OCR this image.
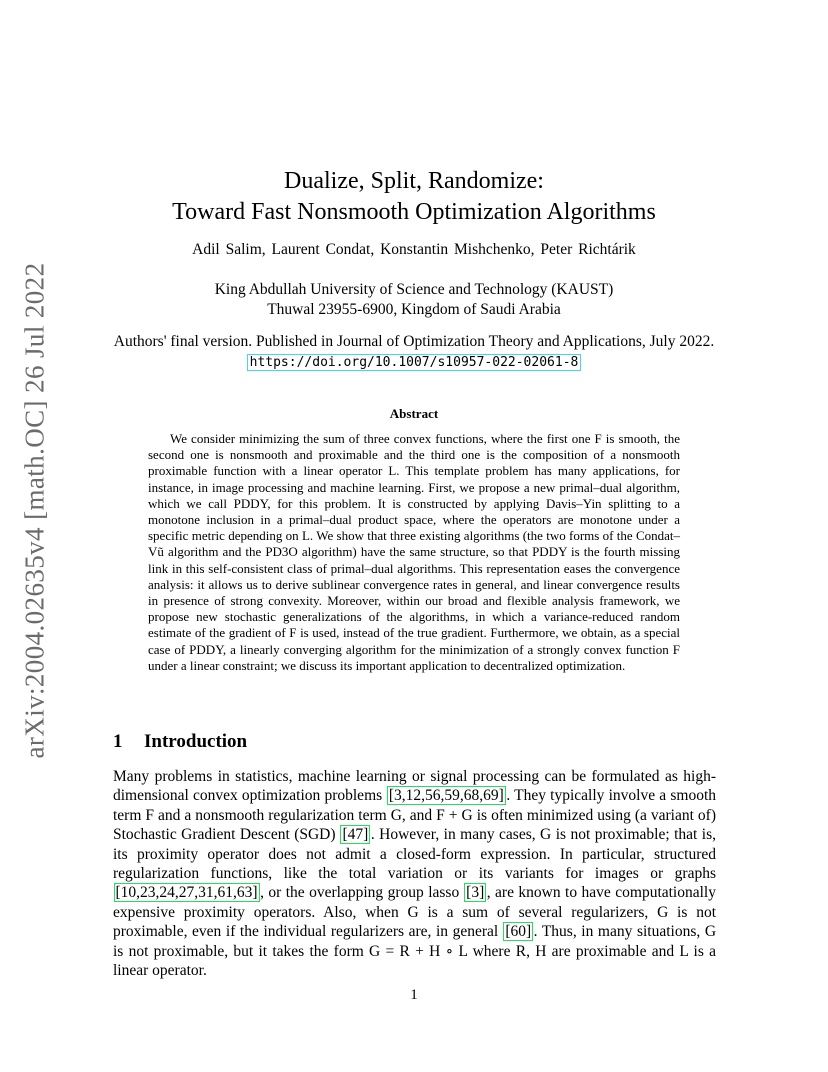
arXiv:2004.02635v4 [math.OC] 26 Jul 2022
Dualize, Split, Randomize:
Toward Fast Nonsmooth Optimization Algorithms
Adil Salim, Laurent Condat, Konstantin Mishchenko, Peter Richtárik
King Abdullah University of Science and Technology (KAUST)
Thuwal 23955-6900, Kingdom of Saudi Arabia
Authors' final version. Published in Journal of Optimization Theory and Applications, July 2022. https://doi.org/10.1007/s10957-022-02061-8
Abstract

We consider minimizing the sum of three convex functions, where the first one F is smooth, the second one is nonsmooth and proximable and the third one is the composition of a nonsmooth proximable function with a linear operator L. This template problem has many applications, for instance, in image processing and machine learning. First, we propose a new primal–dual algorithm, which we call PDDY, for this problem. It is constructed by applying Davis–Yin splitting to a monotone inclusion in a primal–dual product space, where the operators are monotone under a specific metric depending on L. We show that three existing algorithms (the two forms of the Condat–Vũ algorithm and the PD3O algorithm) have the same structure, so that PDDY is the fourth missing link in this self-consistent class of primal–dual algorithms. This representation eases the convergence analysis: it allows us to derive sublinear convergence rates in general, and linear convergence results in presence of strong convexity. Moreover, within our broad and flexible analysis framework, we propose new stochastic generalizations of the algorithms, in which a variance-reduced random estimate of the gradient of F is used, instead of the true gradient. Furthermore, we obtain, as a special case of PDDY, a linearly converging algorithm for the minimization of a strongly convex function F under a linear constraint; we discuss its important application to decentralized optimization.

1 Introduction

Many problems in statistics, machine learning or signal processing can be formulated as high-dimensional convex optimization problems [3,12,56,59,68,69] . They typically involve a smooth term F and a nonsmooth regularization term G, and F + G is often minimized using (a variant of) Stochastic Gradient Descent (SGD) [47] . However, in many cases, G is not proximable; that is, its proximity operator does not admit a closed-form expression. In particular, structured regularization functions, like the total variation or its variants for images or graphs [10,23,24,27,31,61,63] , or the overlapping group lasso [3] , are known to have computationally expensive proximity operators. Also, when G is a sum of several regularizers, G is not proximable, even if the individual regularizers are, in general [60] . Thus, in many situations, G is not proximable, but it takes the form G = R + H ∘ L where R, H are proximable and L is a linear operator.

1
